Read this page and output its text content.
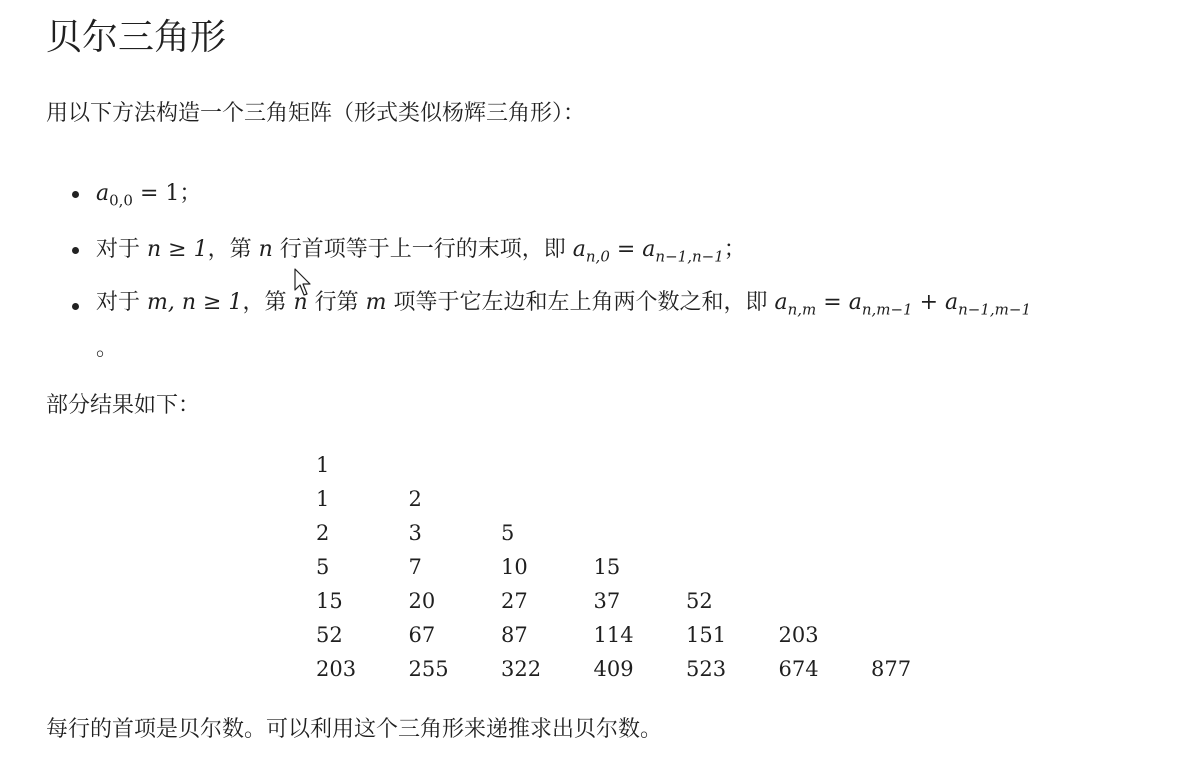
贝尔三角形

用以下方法构造一个三角矩阵（形式类似杨辉三角形）：

$a_{0,0} = 1$；
对于 n ≥ 1，第 n 行首项等于上一行的末项，即 $a_{n,0} = a_{n-1,n-1}$；
对于 m, n ≥ 1，第 n 行第 m 项等于它左边和左上角两个数之和，即 $a_{n,m} = a_{n,m-1} + a_{n-1,m-1}$
。

部分结果如下：

1						
1	2					
2	3	5				
5	7	10	15			
15	20	27	37	52		
52	67	87	114	151	203	
203	255	322	409	523	674	877

每行的首项是贝尔数。可以利用这个三角形来递推求出贝尔数。
